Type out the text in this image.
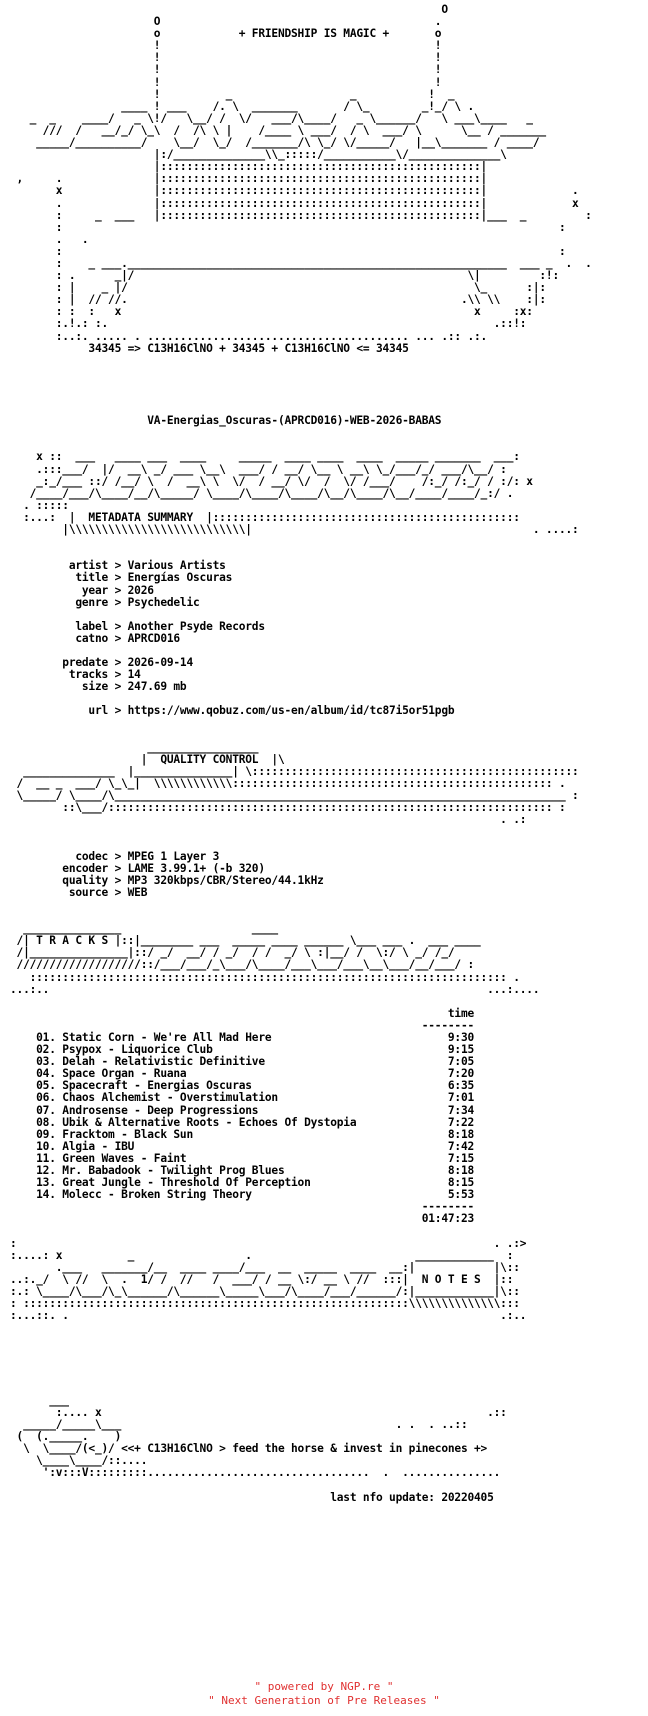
O
O                                          .
o            + FRIENDSHIP IS MAGIC +       o
!                                          !
!                                          !
!                                          !
!                                          !
!          _                  _           !  _
____ ! ___    /. \  _______       / \_        _!_/ \ .
_  _    ____/   _ \!/   \__/ /  \/   ___/\____/   _ \______/   \ ___\____   _
///  /   __/_/ \_\  /  /\ \ |    /____ \ ___/  / \  ___/ \      \__ / _______
_____/__________/    \__/  \_/  /_______/\ \_/ \/_____/   |__\_______ / ____/
|:/______________\\_:::::/___________\/______________\
|:::::::::::::::::::::::::::::::::::::::::::::::::|
,     .              |:::::::::::::::::::::::::::::::::::::::::::::::::|
x              |:::::::::::::::::::::::::::::::::::::::::::::::::|             .
.              |:::::::::::::::::::::::::::::::::::::::::::::::::|             x
:     _  ___   |:::::::::::::::::::::::::::::::::::::::::::::::::|___  _         :
:                                                                            :
.   .
:                                                                            :
:    _ ___.__________________________________________________________  ___ _  .  .
: .      _|/                                                   \|         :!:
: |    _ |/                                                     \_      :|:
: |  // //.                                                   .\\ \\    :|:
: :  :   x                                                      x     :x:
:.!.: :.                                                           .::!:
:..:. ..... . ........................................ ... .:: .:.
34345 => C13H16ClNO + 34345 + C13H16ClNO <= 34345

VA-Energias_Oscuras-(APRCD016)-WEB-2026-BABAS

x ::  ___   ____ ___  ____     _____  ____ ____  ____  _____ _______  ___:
.:::___/  |/  __\ _/ ___ \__\  ___/ / __/ \__ \ __\ \_/___/_/ ___/\__/ :
_:_/___ ::/ /__/ \  /  __\ \  \/  / __/ \/  /  \/ /___/    /:_/ /:_/ / :/: x
/____/___/\____/__/\_____/ \____/\____/\____/\__/\____/\__/____/____/_:/ .
. :::::
:...:  |  METADATA SUMMARY  |:::::::::::::::::::::::::::::::::::::::::::::::
|\\\\\\\\\\\\\\\\\\\\\\\\\\\|                                           . ....:

artist > Various Artists
title > Energías Oscuras
year > 2026
genre > Psychedelic

label > Another Psyde Records
catno > APRCD016

predate > 2026-09-14
tracks > 14
size > 247.69 mb

url > https://www.qobuz.com/us-en/album/id/tc87i5or51pgb

_________________
|  QUALITY CONTROL  |\
______________  |_______________| \::::::::::::::::::::::::::::::::::::::::::::::::::
/  __ _  ___/ \_\_|  \\\\\\\\\\\\::::::::::::::::::::::::::::::::::::::::::::::::: .
\_____/ \____/\_____________________________________________________________________ :
::\___/:::::::::::::::::::::::::::::::::::::::::::::::::::::::::::::::::::: :
. .:

codec > MPEG 1 Layer 3
encoder > LAME 3.99.1+ (-b 320)
quality > MP3 320kbps/CBR/Stereo/44.1kHz
source > WEB

_______________                    ____
/| T R A C K S |::|________ ___  _____ ____ ______ \___ ___ .  ___ ____
/|_______________|::/ _/  __/ / _/  / /  _/ \ :|__/ /  \:/ \ _/ /_/
///////////////////::/___/___/_\___/\____/___\___/___\__\___/__/___/ :
::::::::::::::::::::::::::::::::::::::::::::::::::::::::::::::::::::::::: .
...:..                                                                   ...:....

time
--------
01. Static Corn - We're All Mad Here                           9:30
02. Psypox - Liquorice Club                                    9:15
03. Delah - Relativistic Definitive                            7:05
04. Space Organ - Ruana                                        7:20
05. Spacecraft - Energias Oscuras                              6:35
06. Chaos Alchemist - Overstimulation                          7:01
07. Androsense - Deep Progressions                             7:34
08. Ubik & Alternative Roots - Echoes Of Dystopia              7:22
09. Fracktom - Black Sun                                       8:18
10. Algia - IBU                                                7:42
11. Green Waves - Faint                                        7:15
12. Mr. Babadook - Twilight Prog Blues                         8:18
13. Great Jungle - Threshold Of Perception                     8:15
14. Molecc - Broken String Theory                              5:53
--------
01:47:23

:                                                                         . .:>
:....: x          _                 .                         ____________  :
.___   _______/__  ____ ____/___  __  _____  ____  __:|            |\::
..:._/  \ //  \  .  1/ /  //   /  ___/ / __ \:/ __ \ //  :::|  N O T E S  |::
:.: \____/\___/\_\______/\______\_____\___/\____/___/______/:|____________|\::
: :::::::::::::::::::::::::::::::::::::::::::::::::::::::::::\\\\\\\\\\\\\\:::
:...::. .                                                                  .:..

___
:.... x                                                           .::
_____/_____\___                                          . .  . ..::
(  (._____.    )
\  \____/(<_)/ <<+ C13H16ClNO > feed the horse & invest in pinecones +>
\____\____/::....
':v:::V:::::::::..................................  .  ...............

last nfo update: 20220405

" powered by NGP.re "
" Next Generation of Pre Releases "
